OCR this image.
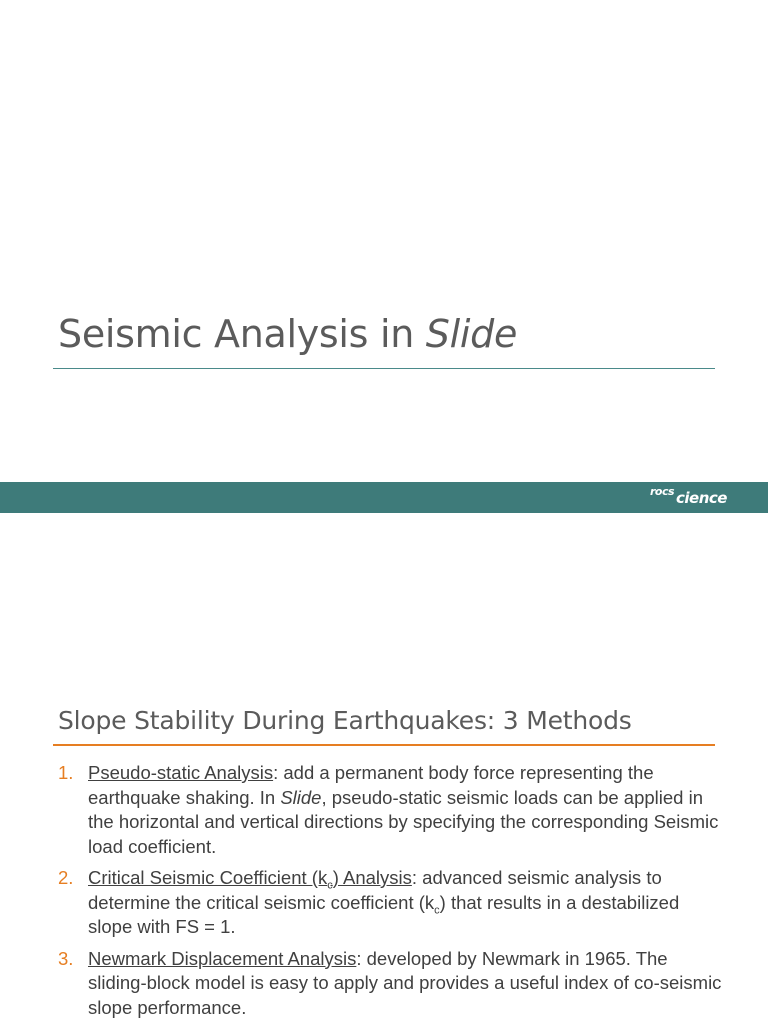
Seismic Analysis in Slide
rocs cience
Slope Stability During Earthquakes: 3 Methods
1. Pseudo-static Analysis: add a permanent body force representing the earthquake shaking. In Slide, pseudo-static seismic loads can be applied in the horizontal and vertical directions by specifying the corresponding Seismic load coefficient.
2. Critical Seismic Coefficient $(k_c)$ Analysis: advanced seismic analysis to determine the critical seismic coefficient $(k_c)$ that results in a destabilized slope with FS = 1.
3. Newmark Displacement Analysis: developed by Newmark in 1965. The sliding-block model is easy to apply and provides a useful index of co-seismic slope performance.
